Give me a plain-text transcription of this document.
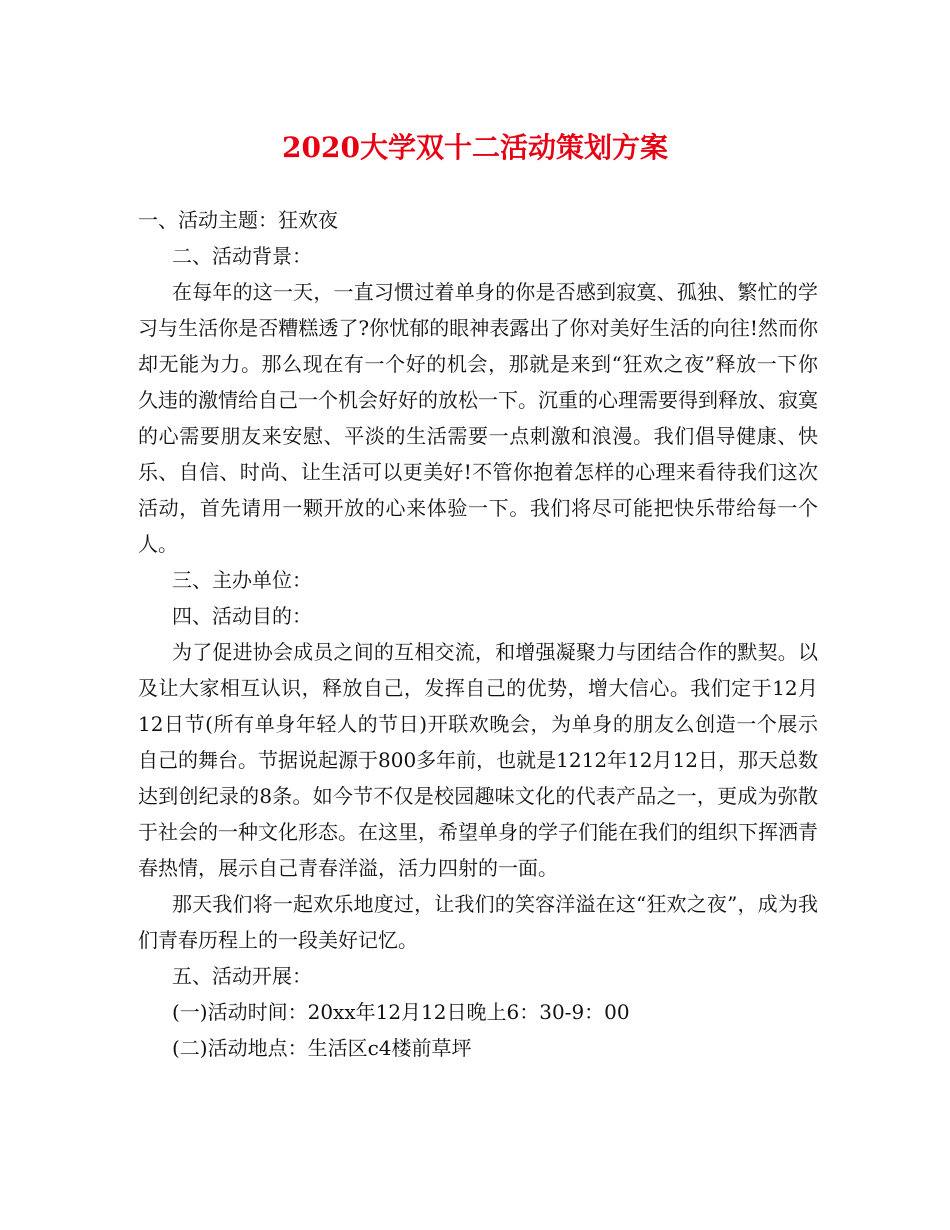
2020大学双十二活动策划方案

一、活动主题：狂欢夜

二、活动背景：

在每年的这一天，一直习惯过着单身的你是否感到寂寞、孤独、繁忙的学习与生活你是否糟糕透了?你忧郁的眼神表露出了你对美好生活的向往!然而你却无能为力。那么现在有一个好的机会，那就是来到“狂欢之夜”释放一下你久违的激情给自己一个机会好好的放松一下。沉重的心理需要得到释放、寂寞的心需要朋友来安慰、平淡的生活需要一点刺激和浪漫。我们倡导健康、快乐、自信、时尚、让生活可以更美好!不管你抱着怎样的心理来看待我们这次活动，首先请用一颗开放的心来体验一下。我们将尽可能把快乐带给每一个人。

三、主办单位：

四、活动目的：

为了促进协会成员之间的互相交流，和增强凝聚力与团结合作的默契。以及让大家相互认识，释放自己，发挥自己的优势，增大信心。我们定于12月12日节(所有单身年轻人的节日)开联欢晚会，为单身的朋友么创造一个展示自己的舞台。节据说起源于800多年前，也就是1212年12月12日，那天总数达到创纪录的8条。如今节不仅是校园趣味文化的代表产品之一，更成为弥散于社会的一种文化形态。在这里，希望单身的学子们能在我们的组织下挥洒青春热情，展示自己青春洋溢，活力四射的一面。

那天我们将一起欢乐地度过，让我们的笑容洋溢在这“狂欢之夜”，成为我们青春历程上的一段美好记忆。

五、活动开展：

(一)活动时间：20xx年12月12日晚上6：30-9：00

(二)活动地点：生活区c4楼前草坪
